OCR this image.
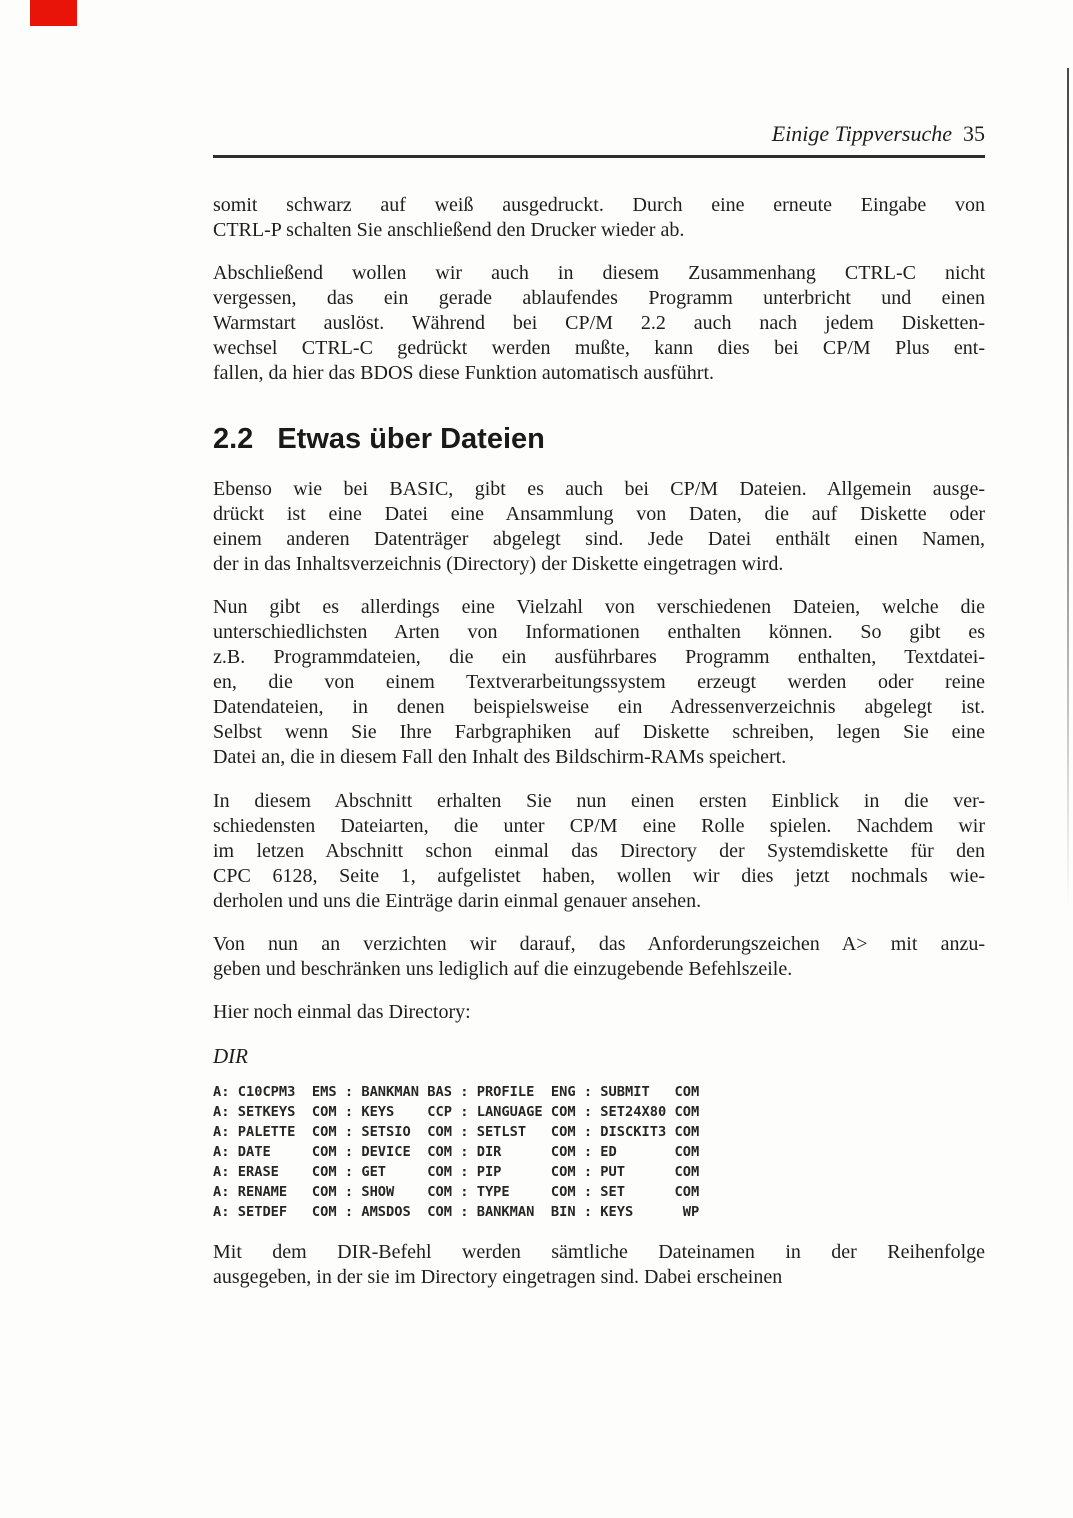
Einige Tippversuche 35
somit schwarz auf weiß ausgedruckt. Durch eine erneute Eingabe von
CTRL-P schalten Sie anschließend den Drucker wieder ab.
Abschließend wollen wir auch in diesem Zusammenhang CTRL-C nicht
vergessen, das ein gerade ablaufendes Programm unterbricht und einen
Warmstart auslöst. Während bei CP/M 2.2 auch nach jedem Disketten-
wechsel CTRL-C gedrückt werden mußte, kann dies bei CP/M Plus ent-
fallen, da hier das BDOS diese Funktion automatisch ausführt.
2.2 Etwas über Dateien
Ebenso wie bei BASIC, gibt es auch bei CP/M Dateien. Allgemein ausge-
drückt ist eine Datei eine Ansammlung von Daten, die auf Diskette oder
einem anderen Datenträger abgelegt sind. Jede Datei enthält einen Namen,
der in das Inhaltsverzeichnis (Directory) der Diskette eingetragen wird.
Nun gibt es allerdings eine Vielzahl von verschiedenen Dateien, welche die
unterschiedlichsten Arten von Informationen enthalten können. So gibt es
z.B. Programmdateien, die ein ausführbares Programm enthalten, Textdatei-
en, die von einem Textverarbeitungssystem erzeugt werden oder reine
Datendateien, in denen beispielsweise ein Adressenverzeichnis abgelegt ist.
Selbst wenn Sie Ihre Farbgraphiken auf Diskette schreiben, legen Sie eine
Datei an, die in diesem Fall den Inhalt des Bildschirm-RAMs speichert.
In diesem Abschnitt erhalten Sie nun einen ersten Einblick in die ver-
schiedensten Dateiarten, die unter CP/M eine Rolle spielen. Nachdem wir
im letzen Abschnitt schon einmal das Directory der Systemdiskette für den
CPC 6128, Seite 1, aufgelistet haben, wollen wir dies jetzt nochmals wie-
derholen und uns die Einträge darin einmal genauer ansehen.
Von nun an verzichten wir darauf, das Anforderungszeichen A> mit anzu-
geben und beschränken uns lediglich auf die einzugebende Befehlszeile.
Hier noch einmal das Directory:
DIR
A: C10CPM3  EMS : BANKMAN BAS : PROFILE  ENG : SUBMIT   COM
A: SETKEYS  COM : KEYS    CCP : LANGUAGE COM : SET24X80 COM
A: PALETTE  COM : SETSIO  COM : SETLST   COM : DISCKIT3 COM
A: DATE     COM : DEVICE  COM : DIR      COM : ED       COM
A: ERASE    COM : GET     COM : PIP      COM : PUT      COM
A: RENAME   COM : SHOW    COM : TYPE     COM : SET      COM
A: SETDEF   COM : AMSDOS  COM : BANKMAN  BIN : KEYS      WP
Mit dem DIR-Befehl werden sämtliche Dateinamen in der Reihenfolge
ausgegeben, in der sie im Directory eingetragen sind. Dabei erscheinen
